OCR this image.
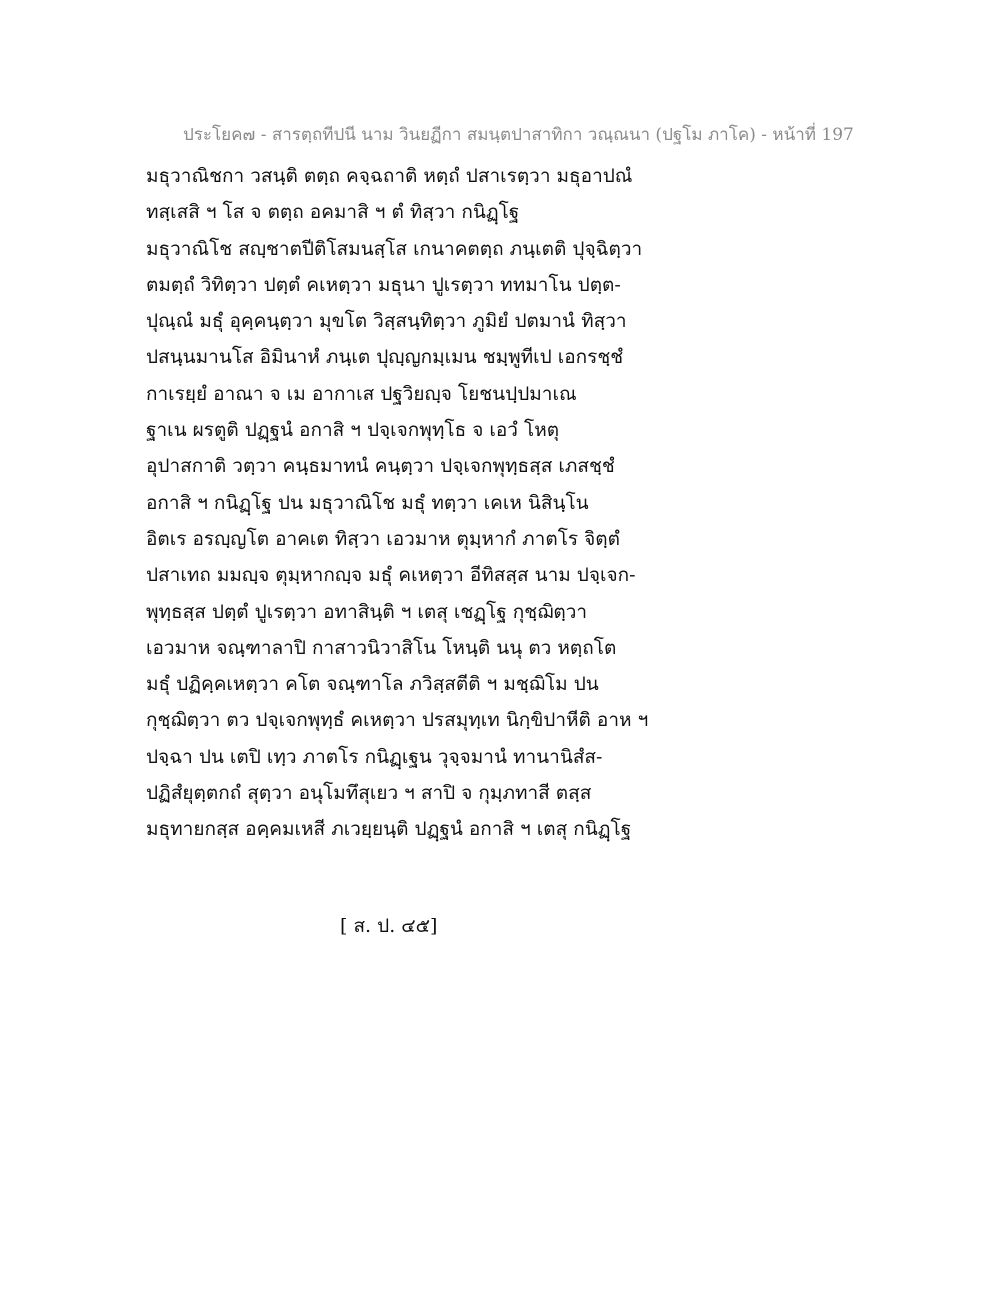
ประโยค๗ - สารตฺถทีปนี นาม วินยฏีกา สมนฺตปาสาทิกา วณฺณนา (ปฐโม ภาโค) - หน้าที่ 197
มธุวาณิชกา วสนฺติ ตตฺถ คจฺฉถาติ หตฺถํ ปสาเรตฺวา มธุอาปณํ
ทสฺเสสิ ฯ โส จ ตตฺถ อคมาสิ ฯ ตํ ทิสฺวา กนิฏฺโฐ
มธุวาณิโช สญฺชาตปีติโสมนสฺโส เกนาคตตฺถ ภนฺเตติ ปุจฺฉิตฺวา
ตมตฺถํ วิทิตฺวา ปตฺตํ คเหตฺวา มธุนา ปูเรตฺวา ททมาโน ปตฺต-
ปุณฺณํ มธุํ อุคฺคนฺตฺวา มุขโต วิสฺสนฺทิตฺวา ภูมิยํ ปตมานํ ทิสฺวา
ปสนฺนมานโส อิมินาหํ ภนฺเต ปุญฺญกมฺเมน ชมฺพูทีเป เอกรชฺชํ
กาเรยฺยํ อาณา จ เม อากาเส ปฐวิยญฺจ โยชนปฺปมาเณ
ฐาเน ผรตูติ ปฏฺฐนํ อกาสิ ฯ ปจฺเจกพุทฺโธ จ เอวํ โหตุ
อุปาสกาติ วตฺวา คนฺธมาทนํ คนฺตฺวา ปจฺเจกพุทฺธสฺส เภสชฺชํ
อกาสิ ฯ กนิฏฺโฐ ปน มธุวาณิโช มธุํ ทตฺวา เคเห นิสินฺโน
อิตเร อรญฺญโต อาคเต ทิสฺวา เอวมาห ตุมฺหากํ ภาตโร จิตฺตํ
ปสาเทถ มมญฺจ ตุมฺหากญฺจ มธุํ คเหตฺวา อีทิสสฺส นาม ปจฺเจก-
พุทฺธสฺส ปตฺตํ ปูเรตฺวา อทาสินฺติ ฯ เตสุ เชฏฺโฐ กุชฺฌิตฺวา
เอวมาห จณฺฑาลาปิ กาสาวนิวาสิโน โหนฺติ นนุ ตว หตฺถโต
มธุํ ปฏิคฺคเหตฺวา คโต จณฺฑาโล ภวิสฺสตีติ ฯ มชฺฌิโม ปน
กุชฺฌิตฺวา ตว ปจฺเจกพุทฺธํ คเหตฺวา ปรสมุทฺเท นิกฺขิปาหีติ อาห ฯ
ปจฺฉา ปน เตปิ เทฺว ภาตโร กนิฏฺเฐน วุจฺจมานํ ทานานิสํส-
ปฏิสํยุตฺตกถํ สุตฺวา อนุโมทึสุเยว ฯ สาปิ จ กุมฺภทาสี ตสฺส
มธุทายกสฺส อคฺคมเหสี ภเวยฺยนฺติ ปฏฺฐนํ อกาสิ ฯ เตสุ กนิฏฺโฐ
[ ส. ป. ๔๕]
